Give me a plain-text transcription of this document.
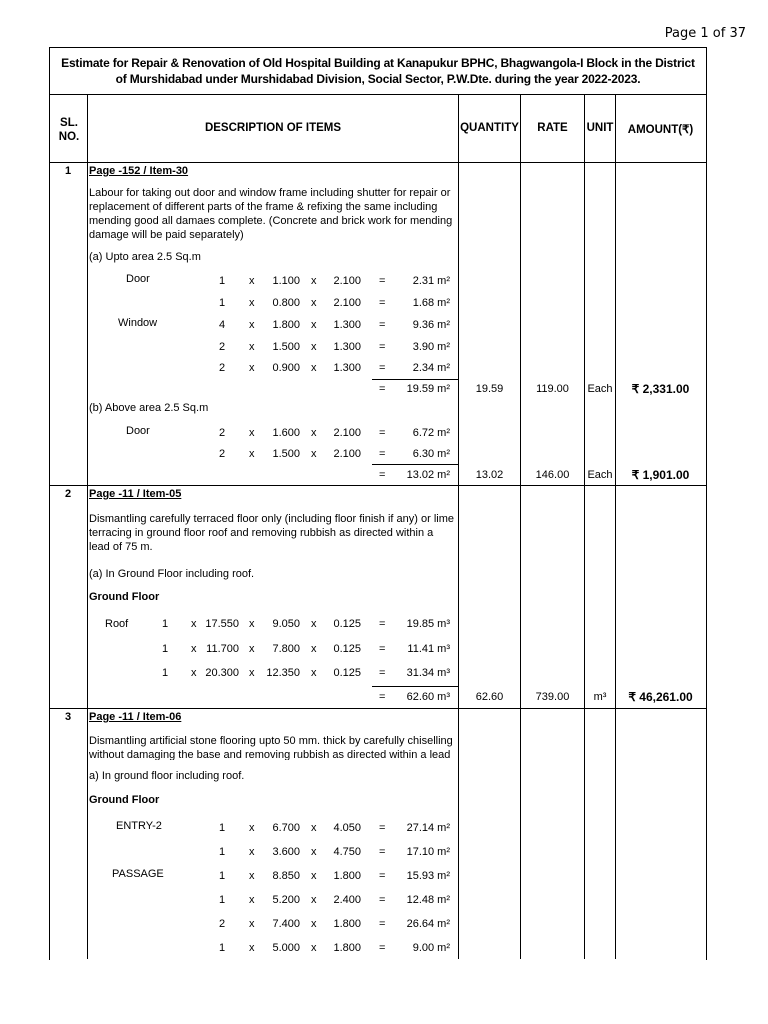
Page 1 of 37
Estimate for Repair & Renovation of Old Hospital Building at Kanapukur BPHC, Bhagwangola-I Block in the District of Murshidabad under Murshidabad Division, Social Sector, P.W.Dte. during the year 2022-2023.
SL. NO.
DESCRIPTION OF ITEMS	QUANTITY	RATE	UNIT	AMOUNT(₹)
1 Page -152 / Item-30
Labour for taking out door and window frame including shutter for repair or replacement of different parts of the frame & refixing the same including mending good all damaes complete. (Concrete and brick work for mending damage will be paid separately)
(a) Upto area 2.5 Sq.m
Door	1 x	1.100 x	2.100 =	2.31 m²
1 x	0.800 x	2.100 =	1.68 m²
Window	4 x	1.800 x	1.300 =	9.36 m²
2 x	1.500 x	1.300 =	3.90 m²
2 x	0.900 x	1.300 =	2.34 m²
=	19.59 m²	19.59	119.00	Each	₹ 2,331.00
(b) Above area 2.5 Sq.m
Door	2 x	1.600 x	2.100 =	6.72 m²
2 x	1.500 x	2.100 =	6.30 m²
=	13.02 m²	13.02	146.00	Each	₹ 1,901.00
2 Page -11 / Item-05
Dismantling carefully terraced floor only (including floor finish if any) or lime terracing in ground floor roof and removing rubbish as directed within a lead of 75 m.
(a) In Ground Floor including roof.
Ground Floor
Roof	1 x 17.550 x	9.050 x	0.125 =	19.85 m³
1 x 11.700 x	7.800 x	0.125 =	11.41 m³
1 x 20.300 x	12.350 x	0.125 =	31.34 m³
=	62.60 m³	62.60	739.00	m³	₹ 46,261.00
3 Page -11 / Item-06
Dismantling artificial stone flooring upto 50 mm. thick by carefully chiselling without damaging the base and removing rubbish as directed within a lead
a) In ground floor including roof.
Ground Floor
ENTRY-2	1 x	6.700 x	4.050 =	27.14 m²
1 x	3.600 x	4.750 =	17.10 m²
PASSAGE	1 x	8.850 x	1.800 =	15.93 m²
1 x	5.200 x	2.400 =	12.48 m²
2 x	7.400 x	1.800 =	26.64 m²
1 x	5.000 x	1.800 =	9.00 m²
